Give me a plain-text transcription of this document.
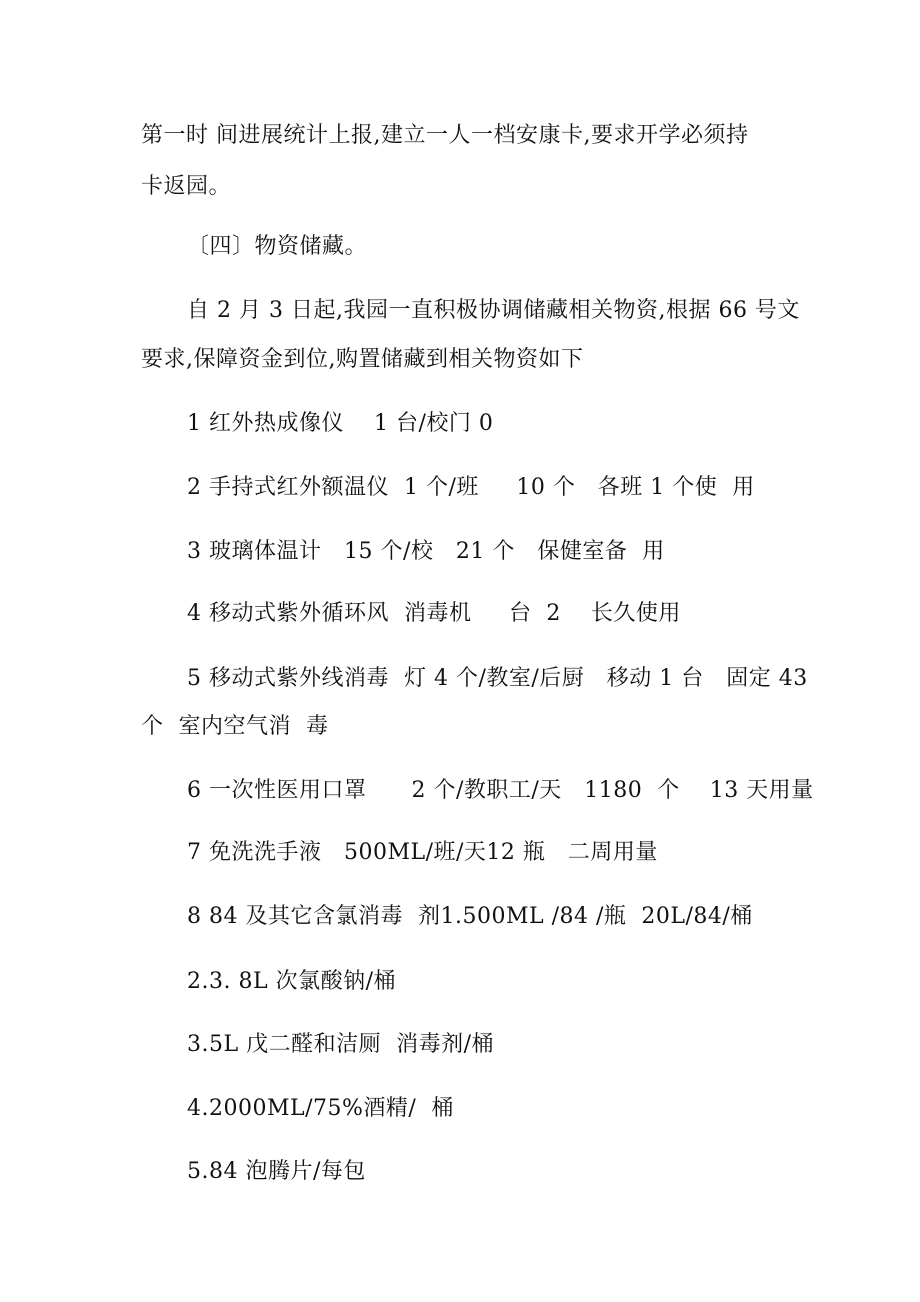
第一时 间进展统计上报,建立一人一档安康卡,要求开学必须持
卡返园。
〔四〕物资储藏。
自 2 月 3 日起,我园一直积极协调储藏相关物资,根据 66 号文
要求,保障资金到位,购置储藏到相关物资如下
1 红外热成像仪    1 台/校门 0
2 手持式红外额温仪  1 个/班     10 个   各班 1 个使  用
3 玻璃体温计   15 个/校   21 个   保健室备  用
4 移动式紫外循环风  消毒机     台  2    长久使用
5 移动式紫外线消毒  灯 4 个/教室/后厨   移动 1 台   固定 43
个  室内空气消  毒
6 一次性医用口罩      2 个/教职工/天   1180  个    13 天用量
7 免洗洗手液   500ML/班/天12 瓶   二周用量
8 84 及其它含氯消毒  剂1.500ML /84 /瓶  20L/84/桶
2.3. 8L 次氯酸钠/桶
3.5L 戊二醛和洁厕  消毒剂/桶
4.2000ML/75%酒精/  桶
5.84 泡腾片/每包
